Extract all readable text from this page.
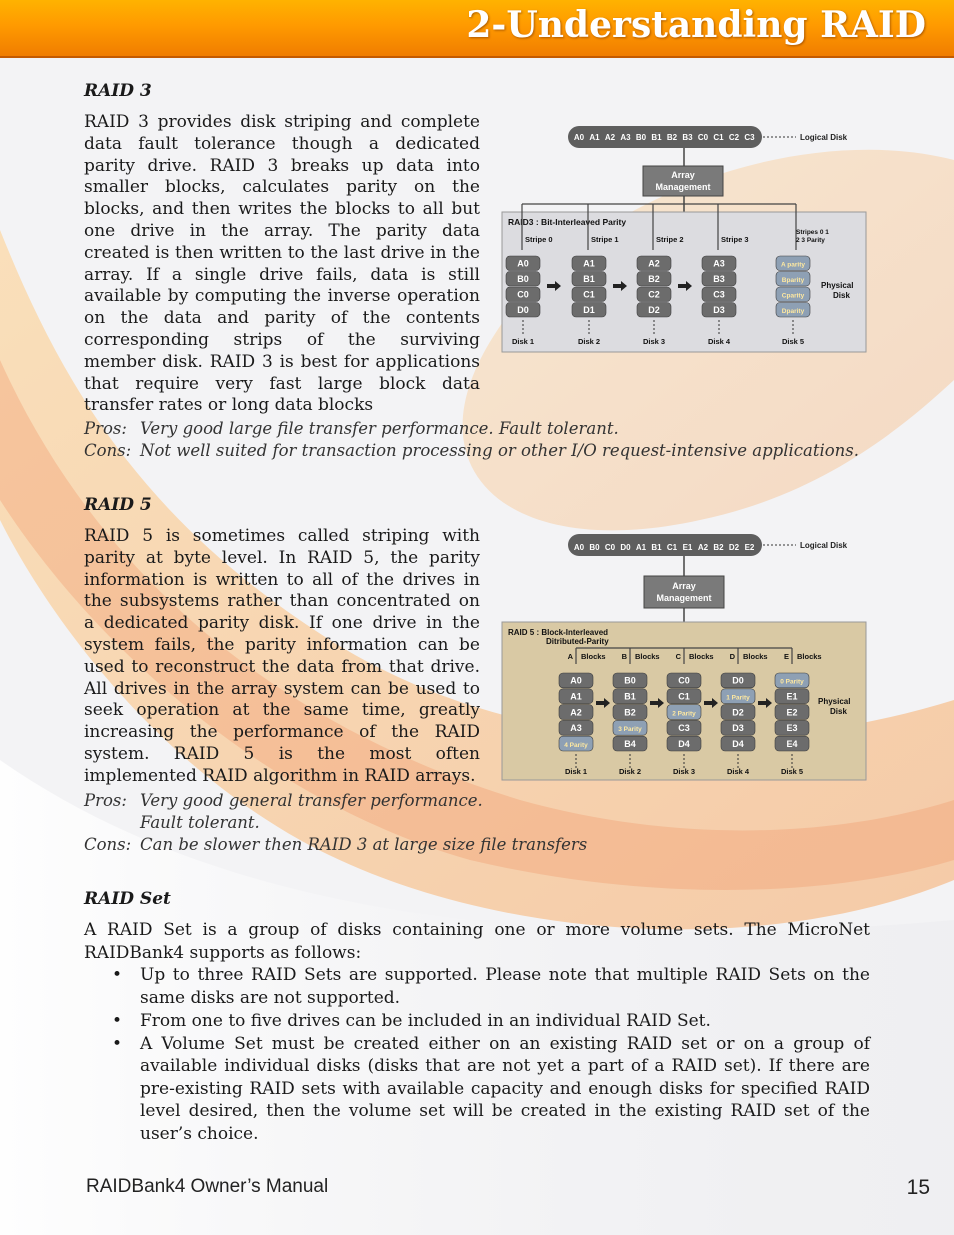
2-Understanding RAID
RAID 3

RAID 3 provides disk striping and complete data fault tolerance though a dedicated parity drive. RAID 3 breaks up data into smaller blocks, calculates parity on the blocks, and then writes the blocks to all but one drive in the array. The parity data created is then written to the last drive in the array. If a single drive fails, data is still available by computing the inverse operation on the data and parity of the contents corresponding strips of the surviving member disk. RAID 3 is best for applications that require very fast large block data transfer rates or long data blocks

Pros: Very good large file transfer performance. Fault tolerant.
Cons: Not well suited for transaction processing or other I/O request-intensive applications.
A0 A1 A2 A3 B0 B1 B2 B3 C0 C1 C2 C3	Logical Disk
Array
Management
RAID3 : Bit-Interleaved Parity
Stripe 0	Stripe 1	Stripe 2	Stripe 3
Stripes 0 1
2 3 Parity
A0
B0
C0
D0
Disk 1
A1
B1
C1
D1
Disk 2
A2
B2
C2
D2
Disk 3
A3
B3
C3
D3
Disk 4
A parity
Bparity
Cparity
Dparity
Disk 5
Physical
Disk
RAID 5

RAID 5 is sometimes called striping with parity at byte level. In RAID 5, the parity information is written to all of the drives in the subsystems rather than concentrated on a dedicated parity disk. If one drive in the system fails, the parity information can be used to reconstruct the data from that drive. All drives in the array system can be used to seek operation at the same time, greatly increasing the performance of the RAID system. RAID 5 is the most often implemented RAID algorithm in RAID arrays.

Pros: Very good general transfer performance.
Fault tolerant.
Cons: Can be slower then RAID 3 at large size file transfers
A0 B0 C0 D0 A1 B1 C1 E1 A2 B2 D2 E2	Logical Disk
Array
Management
RAID 5 : Block-Interleaved
Ditributed-Parity
A Blocks B Blocks C Blocks D Blocks E Blocks
A0
A1
A2
A3
4 Parity
Disk 1
B0
B1
B2
3 Parity
B4
Disk 2
C0
C1
2 Parity
C3
D4
Disk 3
D0
1 Parity
D2
D3
D4
Disk 4
0 Parity
E1
E2
E3
E4
Disk 5
Physical
Disk
RAID Set

A RAID Set is a group of disks containing one or more volume sets. The MicroNet RAIDBank4 supports as follows:

• Up to three RAID Sets are supported. Please note that multiple RAID Sets on the same disks are not supported.
• From one to five drives can be included in an individual RAID Set.
• A Volume Set must be created either on an existing RAID set or on a group of available individual disks (disks that are not yet a part of a RAID set). If there are pre-existing RAID sets with available capacity and enough disks for specified RAID level desired, then the volume set will be created in the existing RAID set of the user’s choice.
RAIDBank4 Owner’s Manual	15
